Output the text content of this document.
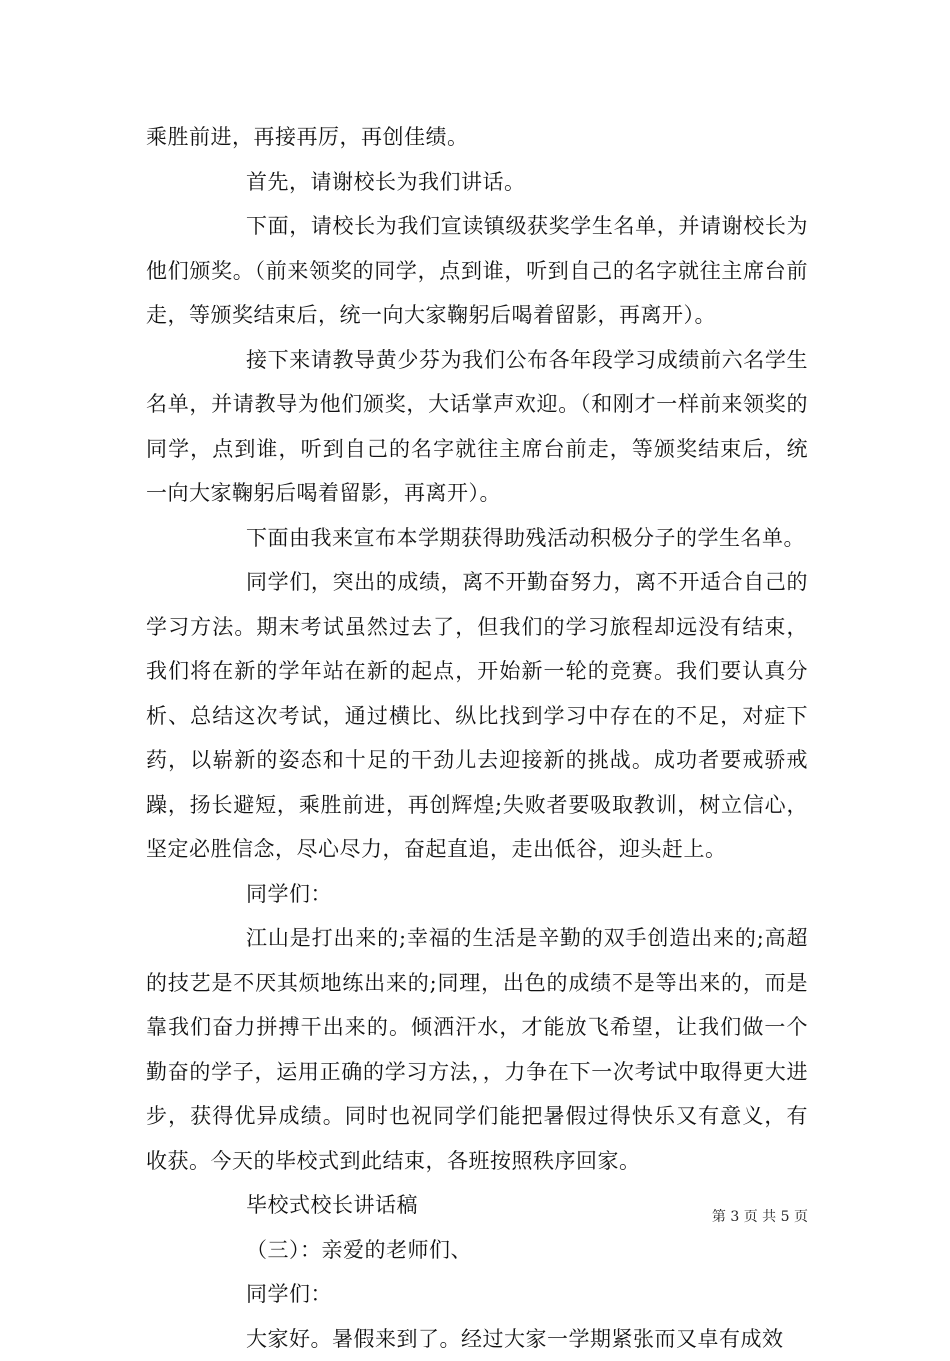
乘胜前进，再接再厉，再创佳绩。

首先，请谢校长为我们讲话。

下面，请校长为我们宣读镇级获奖学生名单，并请谢校长为他们颁奖。（前来领奖的同学，点到谁，听到自己的名字就往主席台前走，等颁奖结束后，统一向大家鞠躬后喝着留影，再离开）。

接下来请教导黄少芬为我们公布各年段学习成绩前六名学生名单，并请教导为他们颁奖，大话掌声欢迎。（和刚才一样前来领奖的同学，点到谁，听到自己的名字就往主席台前走，等颁奖结束后，统一向大家鞠躬后喝着留影，再离开）。

下面由我来宣布本学期获得助残活动积极分子的学生名单。

同学们，突出的成绩，离不开勤奋努力，离不开适合自己的学习方法。期末考试虽然过去了，但我们的学习旅程却远没有结束，我们将在新的学年站在新的起点，开始新一轮的竞赛。我们要认真分析、总结这次考试，通过横比、纵比找到学习中存在的不足，对症下药，以崭新的姿态和十足的干劲儿去迎接新的挑战。成功者要戒骄戒躁，扬长避短，乘胜前进，再创辉煌;失败者要吸取教训，树立信心，坚定必胜信念，尽心尽力，奋起直追，走出低谷，迎头赶上。

同学们：

江山是打出来的;幸福的生活是辛勤的双手创造出来的;高超的技艺是不厌其烦地练出来的;同理，出色的成绩不是等出来的，而是靠我们奋力拼搏干出来的。倾洒汗水，才能放飞希望，让我们做一个勤奋的学子，运用正确的学习方法，，力争在下一次考试中取得更大进步，获得优异成绩。同时也祝同学们能把暑假过得快乐又有意义，有收获。今天的毕校式到此结束，各班按照秩序回家。

毕校式校长讲话稿

（三）：亲爱的老师们、

同学们：

大家好。暑假来到了。经过大家一学期紧张而又卓有成效

第 3 页 共 5 页
